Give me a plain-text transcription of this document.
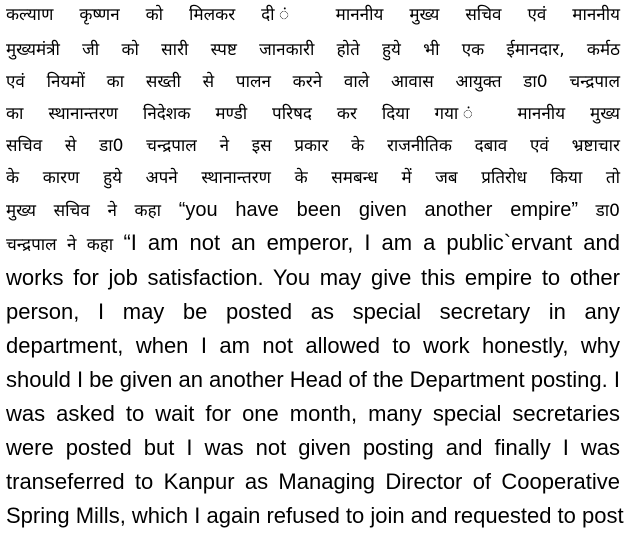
कल्याण कृष्णन को मिलकर दी ं माननीय मुख्य सचिव एवं माननीय
मुख्यमंत्री जी को सारी स्पष्ट जानकारी होते हुये भी एक ईमानदार, कर्मठ
एवं नियमों का सख्ती से पालन करने वाले आवास आयुक्त डा0 चन्द्रपाल
का स्थानान्तरण निदेशक मण्डी परिषद कर दिया गया ं माननीय मुख्य
सचिव से डा0 चन्द्रपाल ने इस प्रकार के राजनीतिक दबाव एवं भ्रष्टाचार
के कारण हुये अपने स्थानान्तरण के समबन्ध में जब प्रतिरोध किया तो
मुख्य सचिव ने कहा “you have been given another empire” डा0
चन्द्रपाल ने कहा “I am not an emperor, I am a public`ervant and
works for job satisfaction. You may give this empire to other
person, I may be posted as special secretary in any
department, when I am not allowed to work honestly, why
should I be given an another Head of the Department posting. I
was asked to wait for one month, many special secretaries
were posted but I was not given posting and finally I was
transeferred to Kanpur as Managing Director of Cooperative
Spring Mills, which I again refused to join and requested to post
